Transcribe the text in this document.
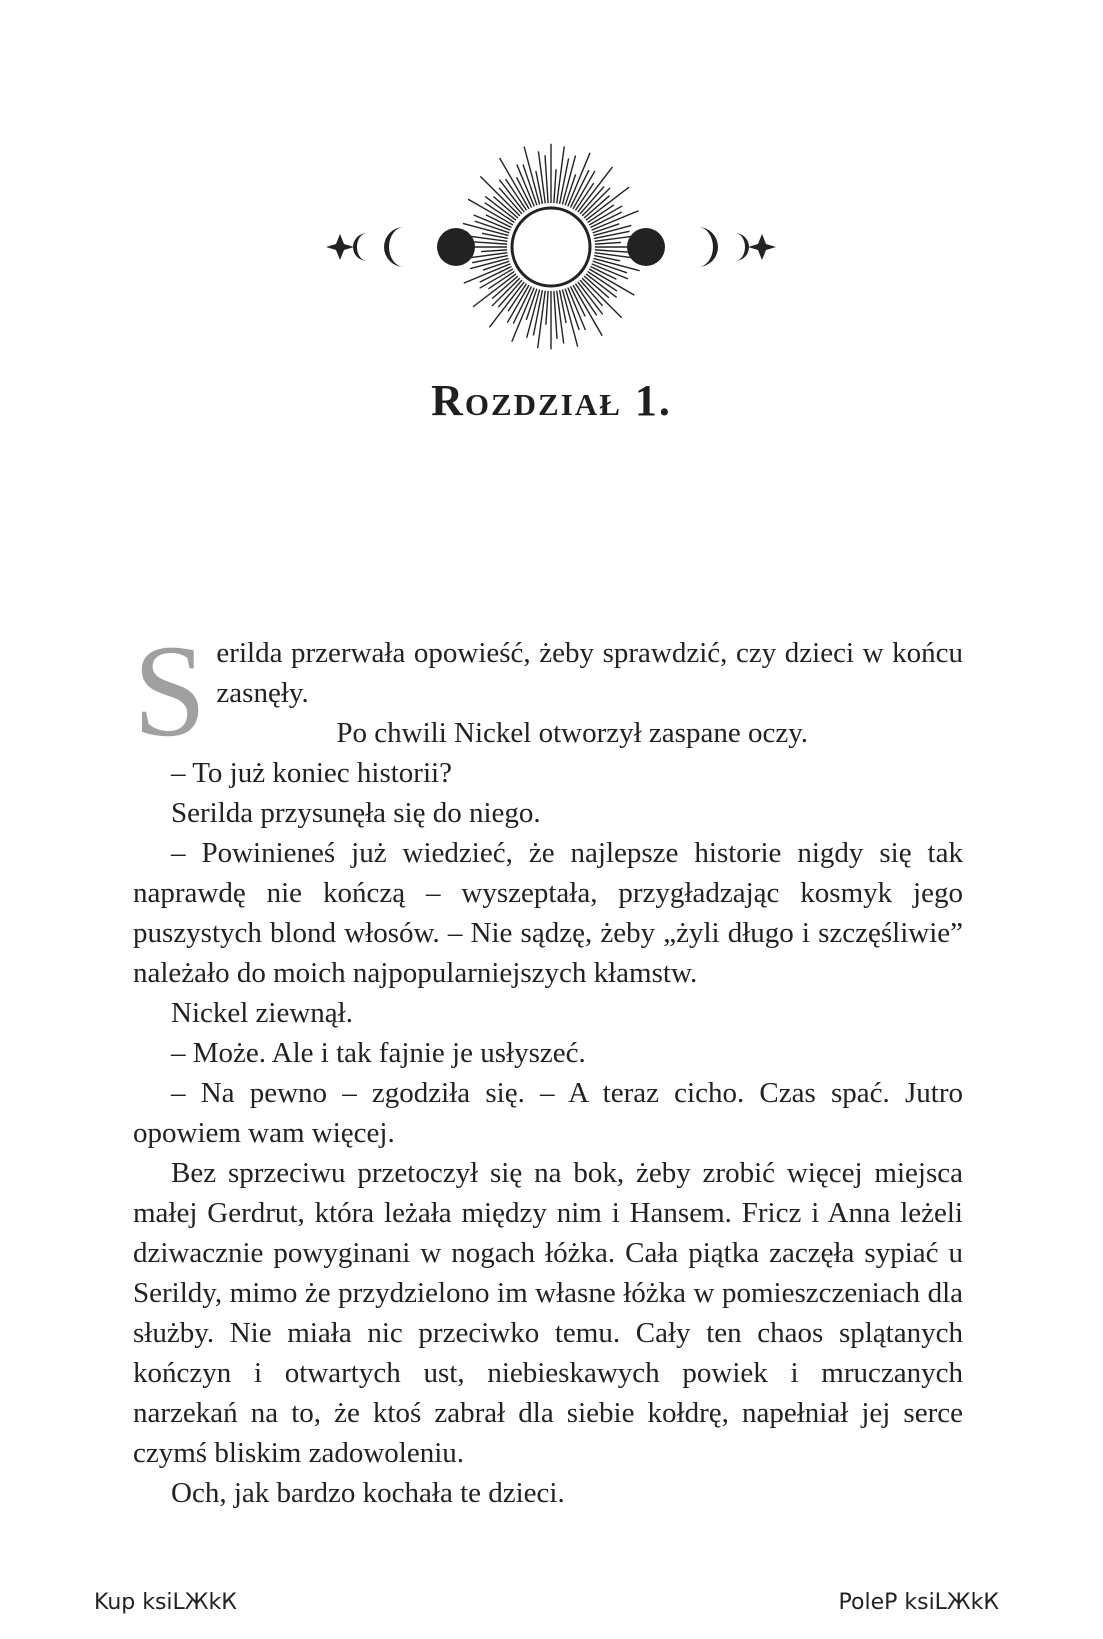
Rozdział 1.

S erilda przerwała opowieść, żeby sprawdzić, czy dzieci w końcu zasnęły.

Po chwili Nickel otworzył zaspane oczy.

– To już koniec historii?

Serilda przysunęła się do niego.

– Powinieneś już wiedzieć, że najlepsze historie nigdy się tak naprawdę nie kończą – wyszeptała, przygładzając kosmyk jego puszystych blond włosów. – Nie sądzę, żeby „żyli długo i szczęśliwie” należało do moich najpopularniejszych kłamstw.

Nickel ziewnął.

– Może. Ale i tak fajnie je usłyszeć.

– Na pewno – zgodziła się. – A teraz cicho. Czas spać. Jutro opowiem wam więcej.

Bez sprzeciwu przetoczył się na bok, żeby zrobić więcej miejsca małej Gerdrut, która leżała między nim i Hansem. Fricz i Anna leżeli dziwacznie powyginani w nogach łóżka. Cała piątka zaczęła sypiać u Serildy, mimo że przydzielono im własne łóżka w pomieszczeniach dla służby. Nie miała nic przeciwko temu. Cały ten chaos splątanych kończyn i otwartych ust, niebieskawych powiek i mruczanych narzekań na to, że ktoś zabrał dla siebie kołdrę, napełniał jej serce czymś bliskim zadowoleniu.

Och, jak bardzo kochała te dzieci.

Kup ksiLЖkК	PoleP ksiLЖkК
